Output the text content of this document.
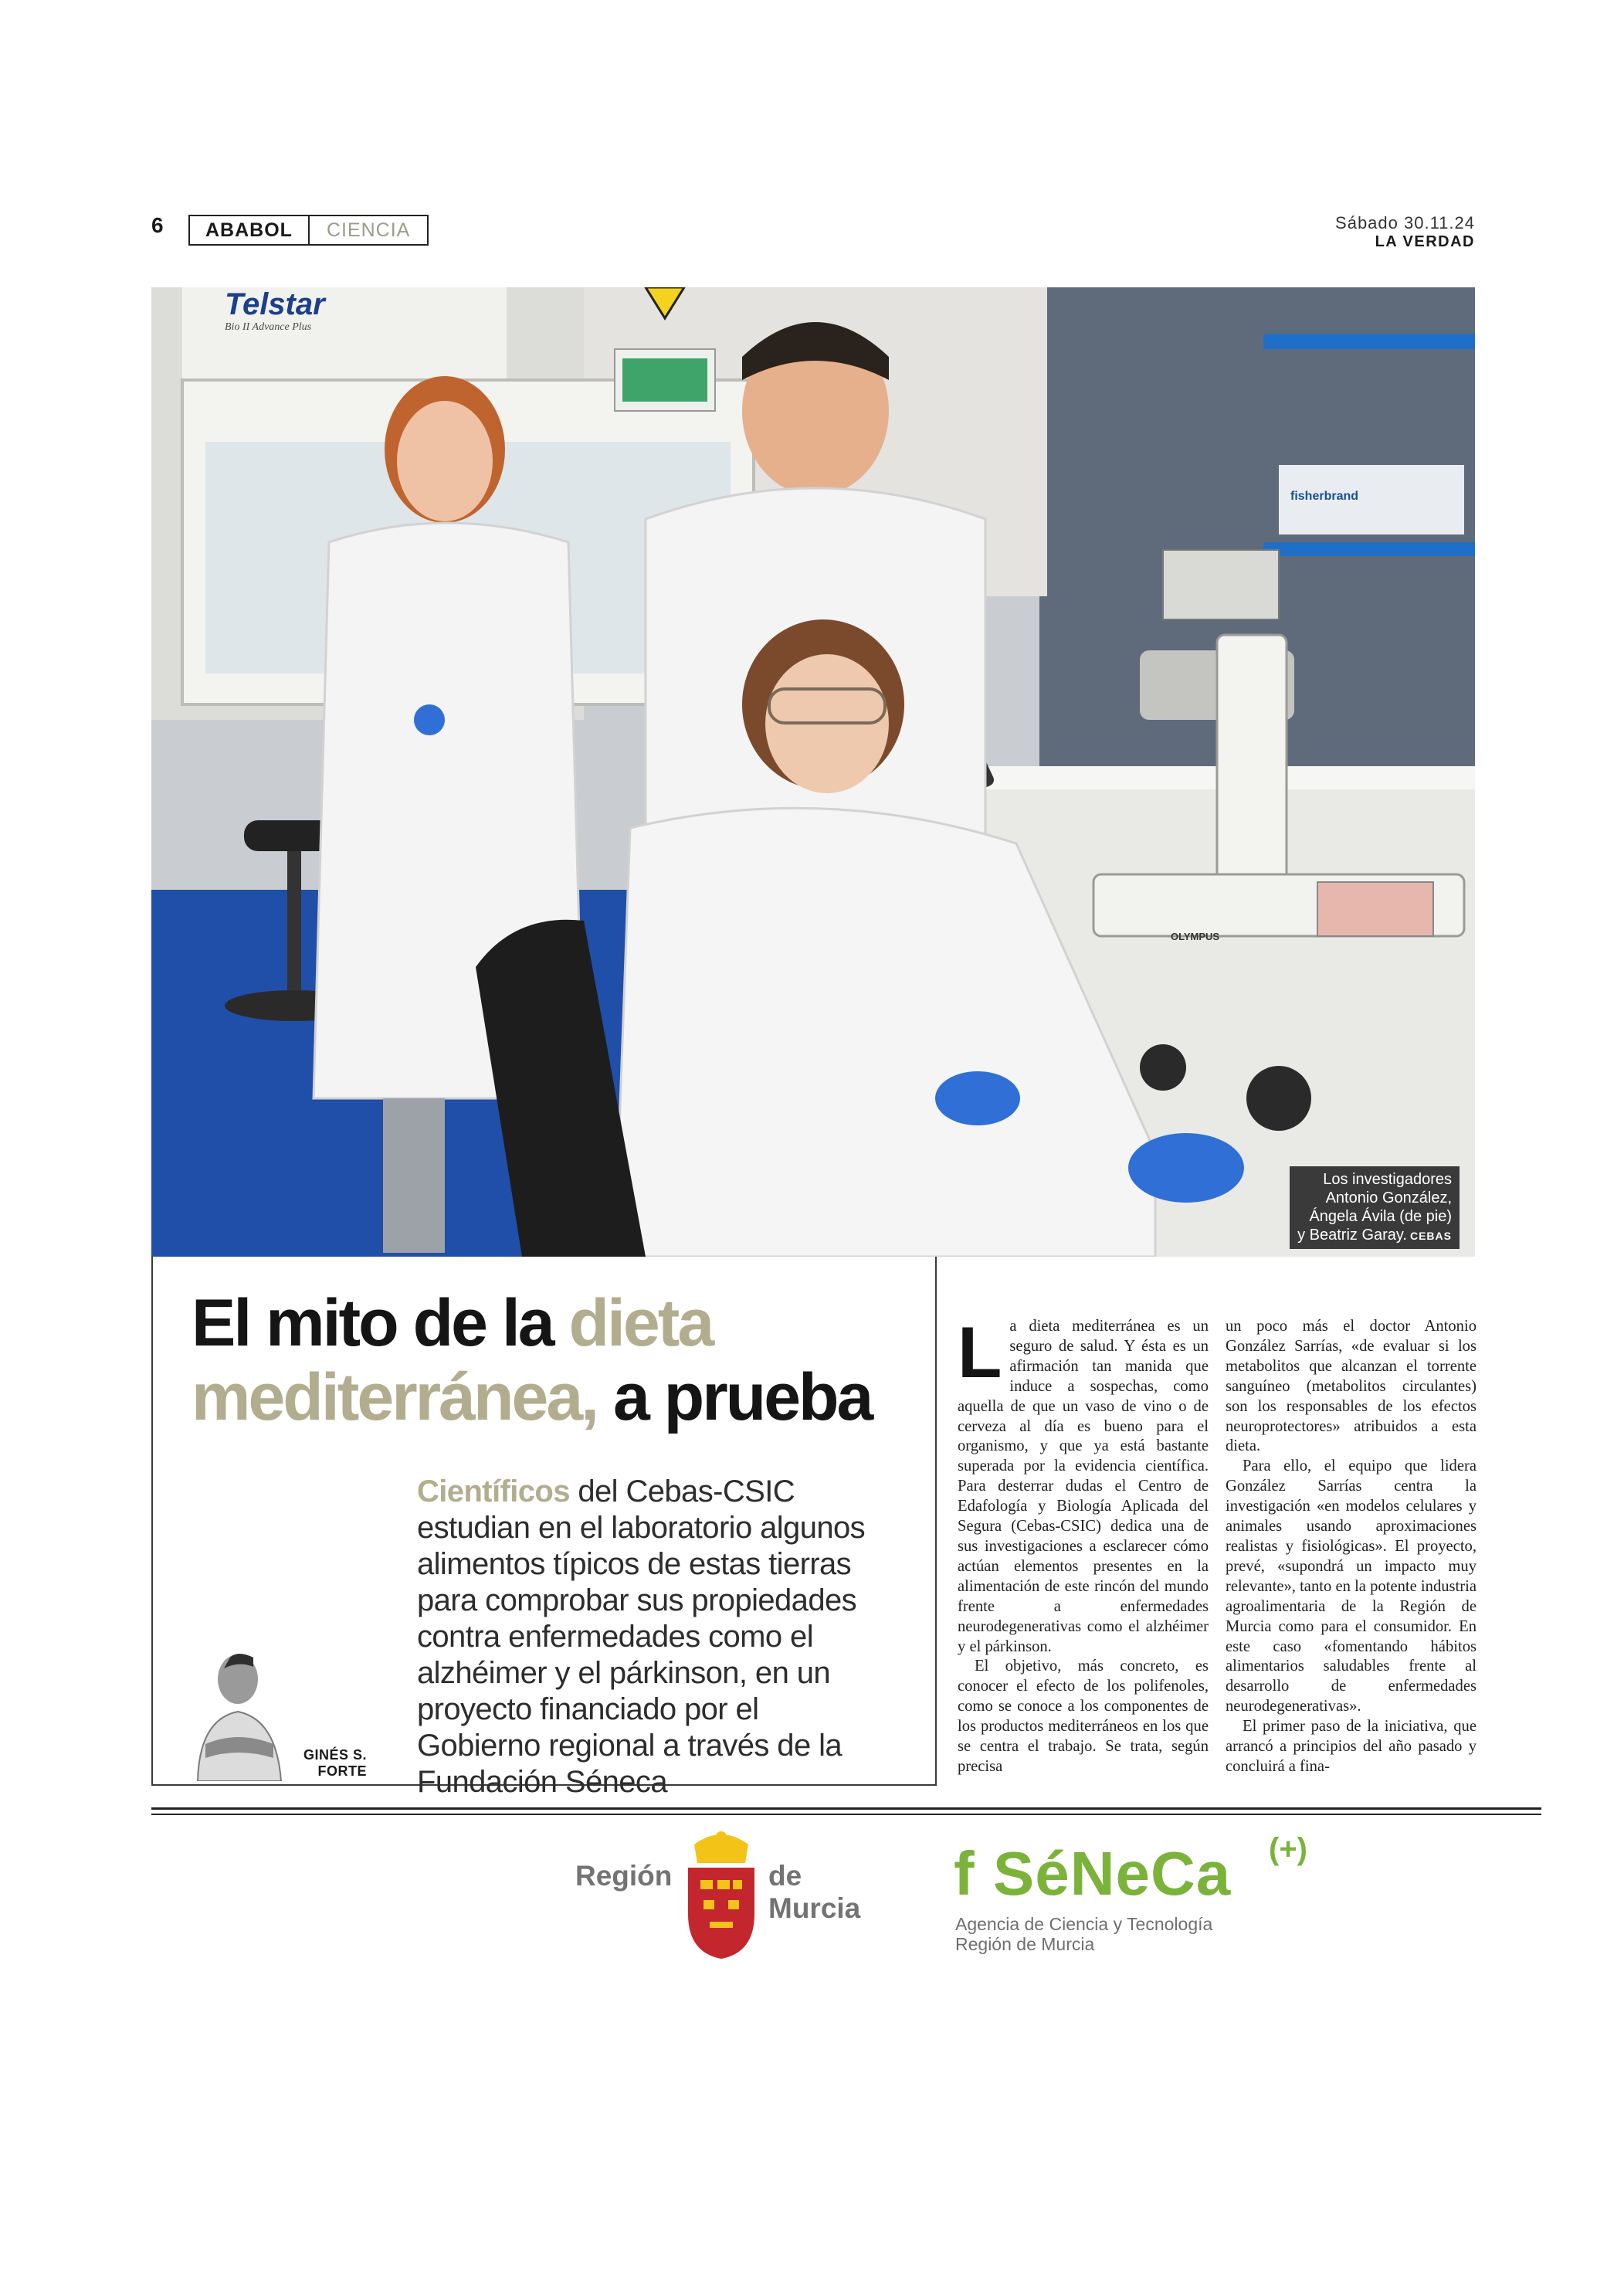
6	ABABOL	CIENCIA	Sábado 30.11.24
LA VERDAD
Telstar
Bio II Advance Plus
fisherbrand
OLYMPUS
Los investigadores
Antonio González,
Ángela Ávila (de pie)
y Beatriz Garay. CEBAS
El mito de la dieta mediterránea, a prueba
Científicos del Cebas-CSIC estudian en el laboratorio algunos alimentos típicos de estas tierras para comprobar sus propiedades contra enfermedades como el alzhéimer y el párkinson, en un proyecto financiado por el Gobierno regional a través de la Fundación Séneca
GINÉS S.
FORTE

La dieta mediterránea es un seguro de salud. Y ésta es un afirmación tan manida que induce a sospechas, como aquella de que un vaso de vino o de cerveza al día es bueno para el organismo, y que ya está bastante superada por la evidencia científica. Para desterrar dudas el Centro de Edafología y Biología Aplicada del Segura (Cebas-CSIC) dedica una de sus investigaciones a esclarecer cómo actúan elementos presentes en la alimentación de este rincón del mundo frente a enfermedades neurodegenerativas como el alzhéimer y el párkinson.

El objetivo, más concreto, es conocer el efecto de los polifenoles, como se conoce a los componentes de los productos mediterráneos en los que se centra el trabajo. Se trata, según precisa

un poco más el doctor Antonio González Sarrías, «de evaluar si los metabolitos que alcanzan el torrente sanguíneo (metabolitos circulantes) son los responsables de los efectos neuroprotectores» atribuidos a esta dieta.

Para ello, el equipo que lidera González Sarrías centra la investigación «en modelos celulares y animales usando aproximaciones realistas y fisiológicas». El proyecto, prevé, «supondrá un impacto muy relevante», tanto en la potente industria agroalimentaria de la Región de Murcia como para el consumidor. En este caso «fomentando hábitos alimentarios saludables frente al desarrollo de enfermedades neurodegenerativas».

El primer paso de la iniciativa, que arrancó a principios del año pasado y concluirá a fina-

Región	de Murcia
f SéNeCa (+)
Agencia de Ciencia y Tecnología
Región de Murcia
